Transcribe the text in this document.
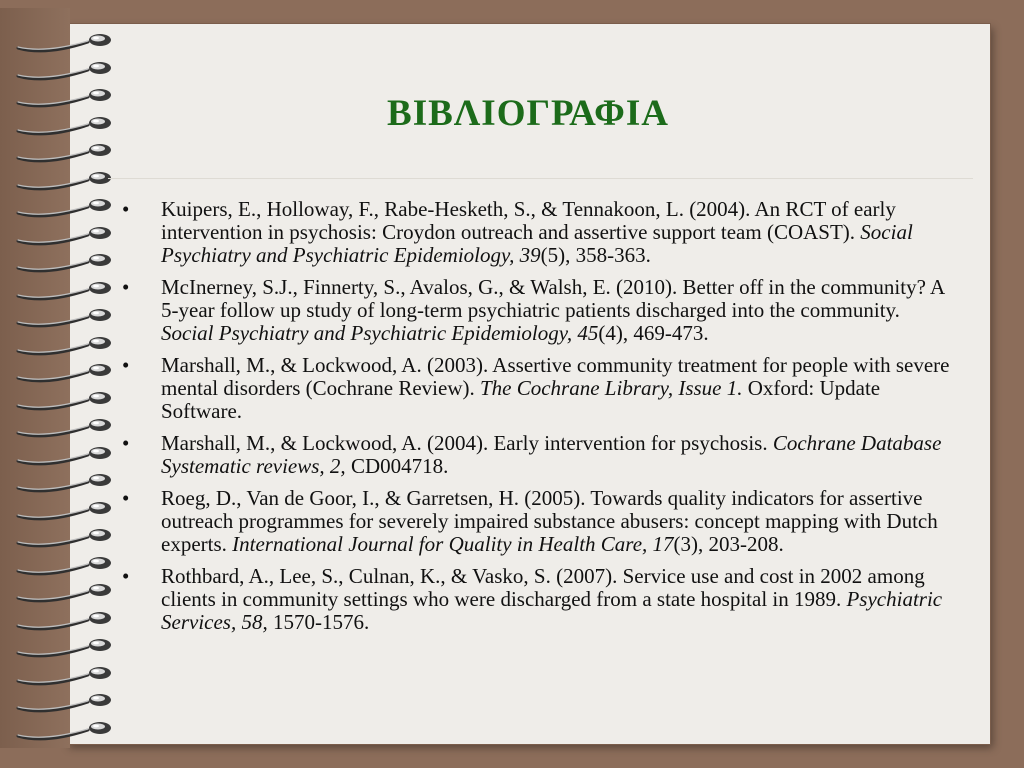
ΒΙΒΛΙΟΓΡΑΦΙΑ
• Kuipers, E., Holloway, F., Rabe-Hesketh, S., & Tennakoon, L. (2004). An RCT of early intervention in psychosis: Croydon outreach and assertive support team (COAST). Social Psychiatry and Psychiatric Epidemiology, 39(5), 358-363.
• McInerney, S.J., Finnerty, S., Avalos, G., & Walsh, E. (2010). Better off in the community? A 5-year follow up study of long-term psychiatric patients discharged into the community. Social Psychiatry and Psychiatric Epidemiology, 45(4), 469-473.
• Marshall, M., & Lockwood, A. (2003). Assertive community treatment for people with severe mental disorders (Cochrane Review). The Cochrane Library, Issue 1. Oxford: Update Software.
• Marshall, M., & Lockwood, A. (2004). Early intervention for psychosis. Cochrane Database Systematic reviews, 2, CD004718.
• Roeg, D., Van de Goor, I., & Garretsen, H. (2005). Towards quality indicators for assertive outreach programmes for severely impaired substance abusers: concept mapping with Dutch experts. International Journal for Quality in Health Care, 17(3), 203-208.
• Rothbard, A., Lee, S., Culnan, K., & Vasko, S. (2007). Service use and cost in 2002 among clients in community settings who were discharged from a state hospital in 1989. Psychiatric Services, 58, 1570-1576.
